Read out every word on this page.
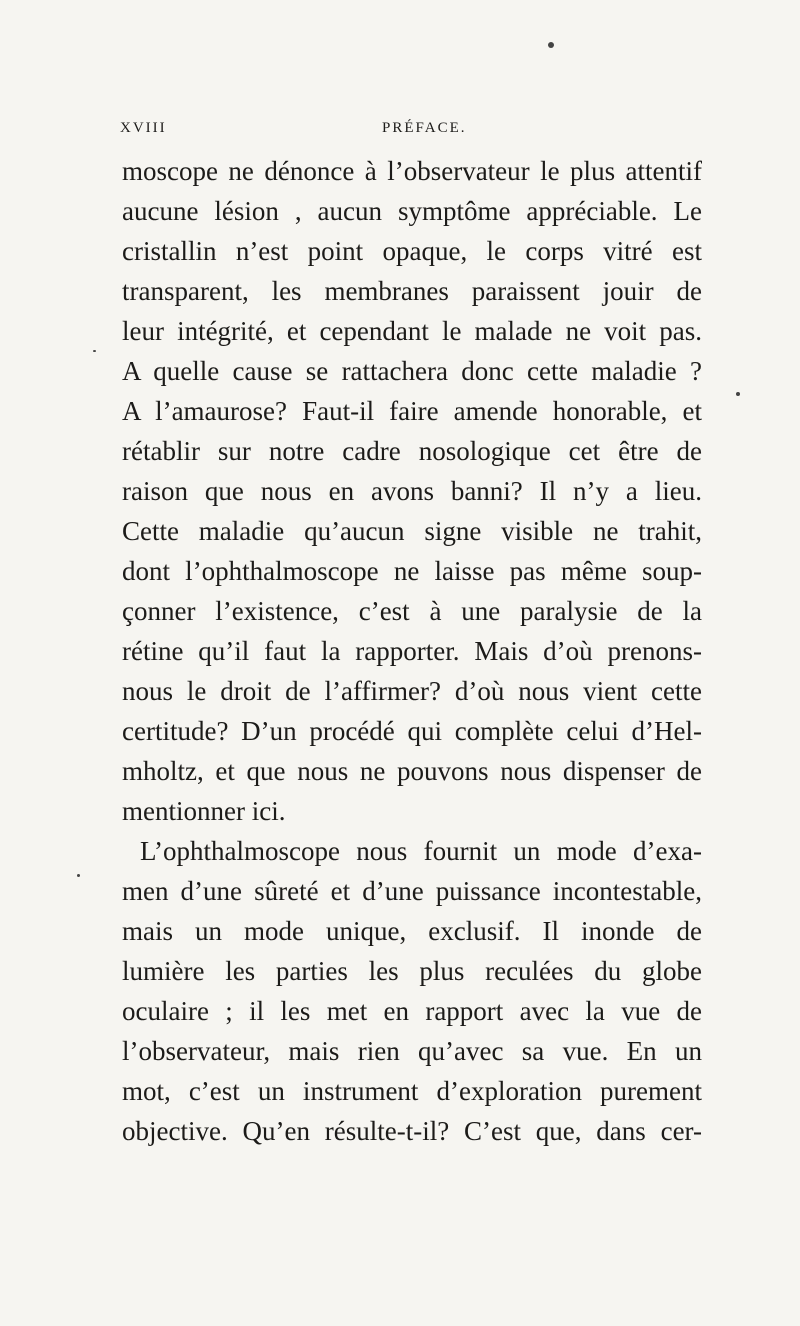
XVIII	PRÉFACE.
moscope ne dénonce à l’observateur le plus attentif
aucune lésion , aucun symptôme appréciable. Le
cristallin n’est point opaque, le corps vitré est
transparent, les membranes paraissent jouir de
leur intégrité, et cependant le malade ne voit pas.
A quelle cause se rattachera donc cette maladie ?
A l’amaurose? Faut-il faire amende honorable, et
rétablir sur notre cadre nosologique cet être de
raison que nous en avons banni? Il n’y a lieu.
Cette maladie qu’aucun signe visible ne trahit,
dont l’ophthalmoscope ne laisse pas même soup-
çonner l’existence, c’est à une paralysie de la
rétine qu’il faut la rapporter. Mais d’où prenons-
nous le droit de l’affirmer? d’où nous vient cette
certitude? D’un procédé qui complète celui d’Hel-
mholtz, et que nous ne pouvons nous dispenser de
mentionner ici.
L’ophthalmoscope nous fournit un mode d’exa-
men d’une sûreté et d’une puissance incontestable,
mais un mode unique, exclusif. Il inonde de
lumière les parties les plus reculées du globe
oculaire ; il les met en rapport avec la vue de
l’observateur, mais rien qu’avec sa vue. En un
mot, c’est un instrument d’exploration purement
objective. Qu’en résulte-t-il? C’est que, dans cer-
